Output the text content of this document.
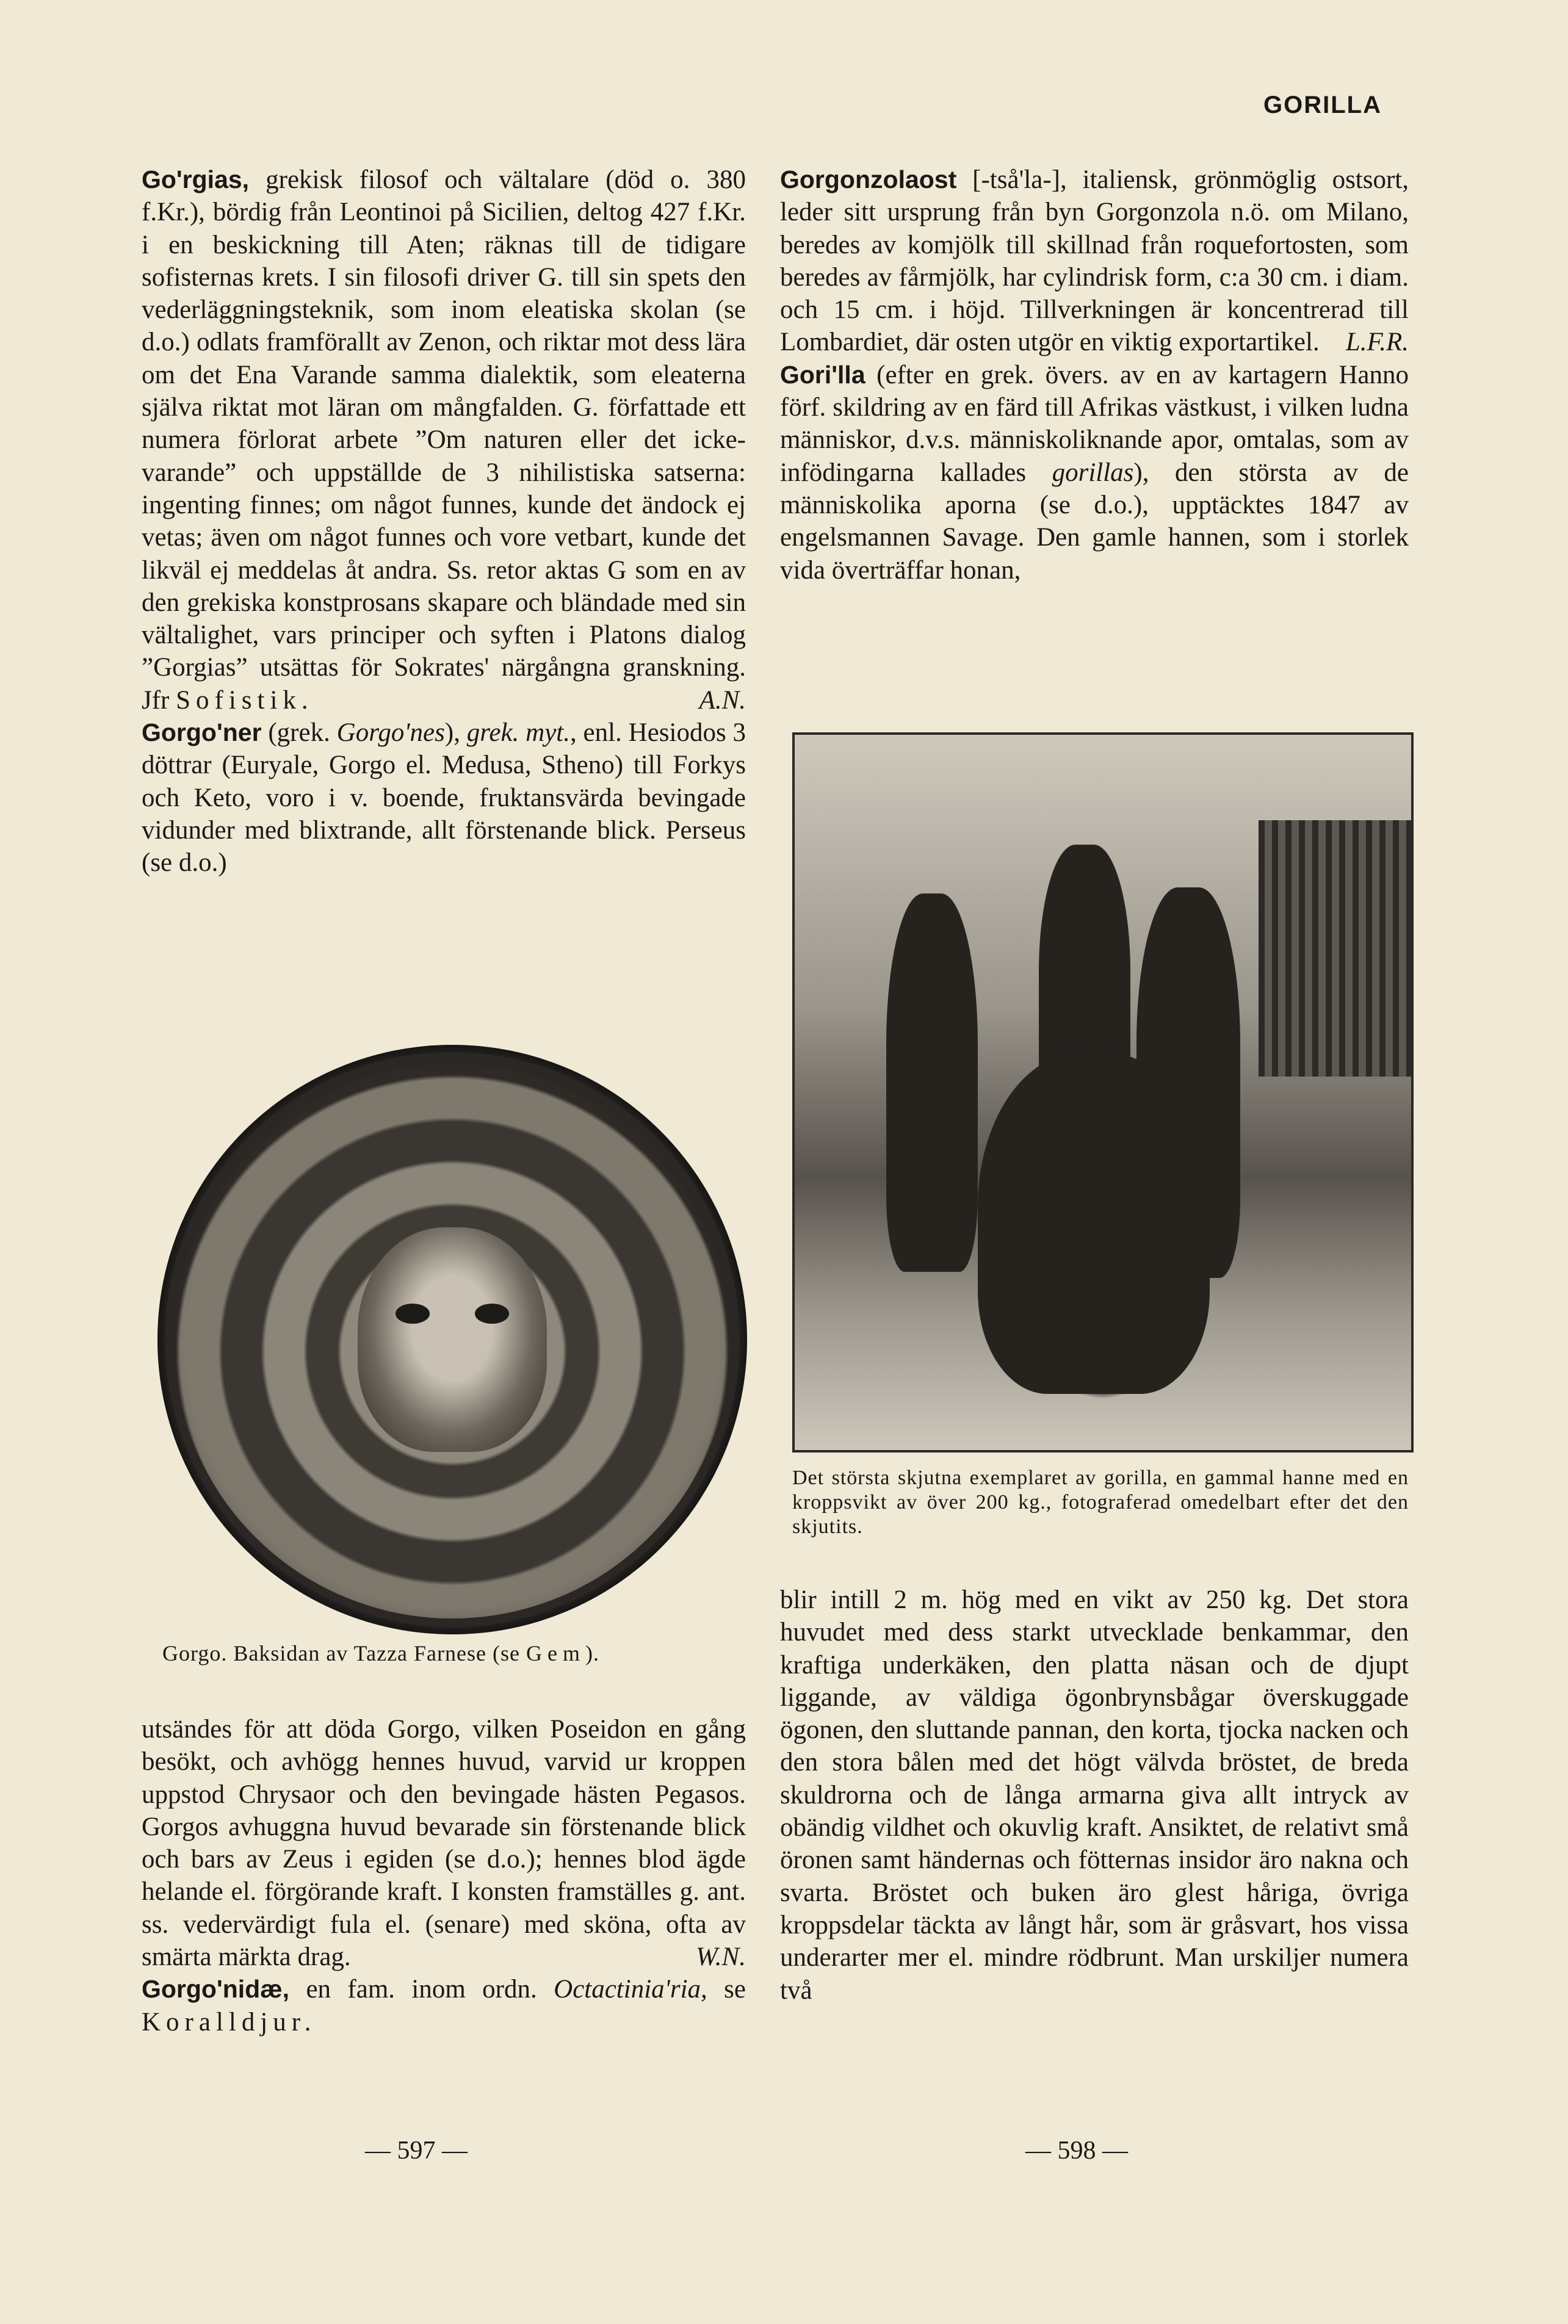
GORILLA

Go'rgias, grekisk filosof och vältalare (död o. 380 f.Kr.), bördig från Leontinoi på Sicilien, deltog 427 f.Kr. i en beskickning till Aten; räknas till de tidigare sofisternas krets. I sin filosofi driver G. till sin spets den vederläggningsteknik, som inom eleatiska skolan (se d.o.) odlats framförallt av Zenon, och riktar mot dess lära om det Ena Varande samma dialektik, som eleaterna själva riktat mot läran om mångfalden. G. författade ett numera förlorat arbete ”Om naturen eller det icke-varande” och uppställde de 3 nihilistiska satserna: ingenting finnes; om något funnes, kunde det ändock ej vetas; även om något funnes och vore vetbart, kunde det likväl ej meddelas åt andra. Ss. retor aktas G som en av den grekiska konstprosans skapare och bländade med sin vältalighet, vars principer och syften i Platons dialog ”Gorgias” utsättas för Sokrates' närgångna granskning. Jfr Sofistik.	A.N.

Gorgo'ner (grek. Gorgo'nes), grek. myt., enl. Hesiodos 3 döttrar (Euryale, Gorgo el. Medusa, Stheno) till Forkys och Keto, voro i v. boende, fruktansvärda bevingade vidunder med blixtrande, allt förstenande blick. Perseus (se d.o.)

Gorgo. Baksidan av Tazza Farnese (se Gem).

utsändes för att döda Gorgo, vilken Poseidon en gång besökt, och avhögg hennes huvud, varvid ur kroppen uppstod Chrysaor och den bevingade hästen Pegasos. Gorgos avhuggna huvud bevarade sin förstenande blick och bars av Zeus i egiden (se d.o.); hennes blod ägde helande el. förgörande kraft. I konsten framställes g. ant. ss. vedervärdigt fula el. (senare) med sköna, ofta av smärta märkta drag.	W.N.

Gorgo'nidæ, en fam. inom ordn. Octactinia'ria, se Koralldjur.

Gorgonzolaost [-tså'la-], italiensk, grönmöglig ostsort, leder sitt ursprung från byn Gorgonzola n.ö. om Milano, beredes av komjölk till skillnad från roquefortosten, som beredes av fårmjölk, har cylindrisk form, c:a 30 cm. i diam. och 15 cm. i höjd. Tillverkningen är koncentrerad till Lombardiet, där osten utgör en viktig exportartikel. L.F.R.

Gori'lla (efter en grek. övers. av en av kartagern Hanno förf. skildring av en färd till Afrikas västkust, i vilken ludna människor, d.v.s. människoliknande apor, omtalas, som av infödingarna kallades gorillas), den största av de människolika aporna (se d.o.), upptäcktes 1847 av engelsmannen Savage. Den gamle hannen, som i storlek vida överträffar honan,

Det största skjutna exemplaret av gorilla, en gammal hanne med en kroppsvikt av över 200 kg., fotograferad omedelbart efter det den skjutits.

blir intill 2 m. hög med en vikt av 250 kg. Det stora huvudet med dess starkt utvecklade benkammar, den kraftiga underkäken, den platta näsan och de djupt liggande, av väldiga ögonbrynsbågar överskuggade ögonen, den sluttande pannan, den korta, tjocka nacken och den stora bålen med det högt välvda bröstet, de breda skuldrorna och de långa armarna giva allt intryck av obändig vildhet och okuvlig kraft. Ansiktet, de relativt små öronen samt händernas och fötternas insidor äro nakna och svarta. Bröstet och buken äro glest håriga, övriga kroppsdelar täckta av långt hår, som är gråsvart, hos vissa underarter mer el. mindre rödbrunt. Man urskiljer numera två

— 597 —	— 598 —
